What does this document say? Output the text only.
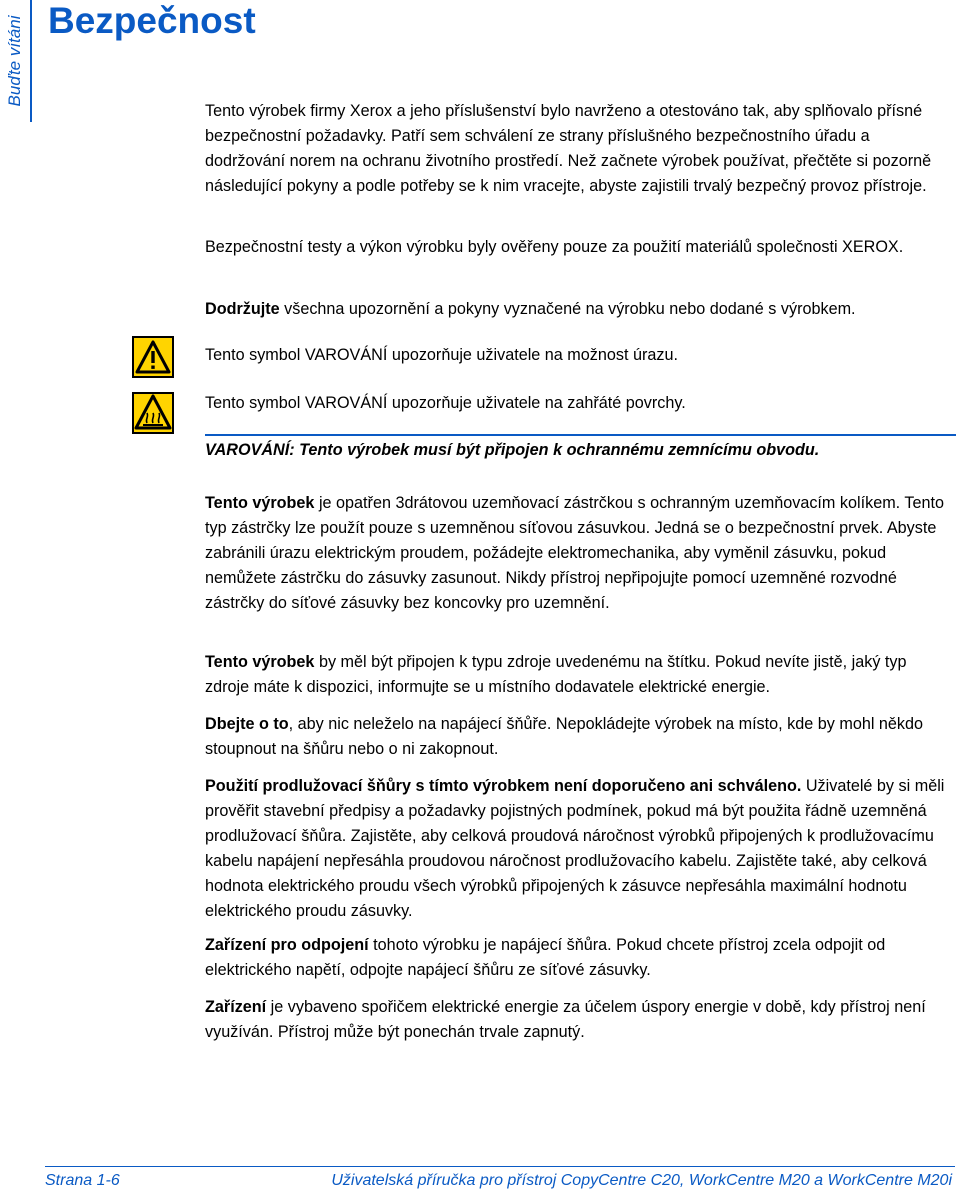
Buďte vítáni Bezpečnost

Tento výrobek firmy Xerox a jeho příslušenství bylo navrženo a otestováno tak, aby splňovalo přísné bezpečnostní požadavky. Patří sem schválení ze strany příslušného bezpečnostního úřadu a dodržování norem na ochranu životního prostředí. Než začnete výrobek používat, přečtěte si pozorně následující pokyny a podle potřeby se k nim vracejte, abyste zajistili trvalý bezpečný provoz přístroje.

Bezpečnostní testy a výkon výrobku byly ověřeny pouze za použití materiálů společnosti XEROX.

Dodržujte všechna upozornění a pokyny vyznačené na výrobku nebo dodané s výrobkem.

Tento symbol VAROVÁNÍ upozorňuje uživatele na možnost úrazu.

Tento symbol VAROVÁNÍ upozorňuje uživatele na zahřáté povrchy.

VAROVÁNÍ: Tento výrobek musí být připojen k ochrannému zemnícímu obvodu.

Tento výrobek je opatřen 3drátovou uzemňovací zástrčkou s ochranným uzemňovacím kolíkem. Tento typ zástrčky lze použít pouze s uzemněnou síťovou zásuvkou. Jedná se o bezpečnostní prvek. Abyste zabránili úrazu elektrickým proudem, požádejte elektromechanika, aby vyměnil zásuvku, pokud nemůžete zástrčku do zásuvky zasunout. Nikdy přístroj nepřipojujte pomocí uzemněné rozvodné zástrčky do síťové zásuvky bez koncovky pro uzemnění.

Tento výrobek by měl být připojen k typu zdroje uvedenému na štítku. Pokud nevíte jistě, jaký typ zdroje máte k dispozici, informujte se u místního dodavatele elektrické energie.

Dbejte o to, aby nic neleželo na napájecí šňůře. Nepokládejte výrobek na místo, kde by mohl někdo stoupnout na šňůru nebo o ni zakopnout.

Použití prodlužovací šňůry s tímto výrobkem není doporučeno ani schváleno. Uživatelé by si měli prověřit stavební předpisy a požadavky pojistných podmínek, pokud má být použita řádně uzemněná prodlužovací šňůra. Zajistěte, aby celková proudová náročnost výrobků připojených k prodlužovacímu kabelu napájení nepřesáhla proudovou náročnost prodlužovacího kabelu. Zajistěte také, aby celková hodnota elektrického proudu všech výrobků připojených k zásuvce nepřesáhla maximální hodnotu elektrického proudu zásuvky.

Zařízení pro odpojení tohoto výrobku je napájecí šňůra. Pokud chcete přístroj zcela odpojit od elektrického napětí, odpojte napájecí šňůru ze síťové zásuvky.

Zařízení je vybaveno spořičem elektrické energie za účelem úspory energie v době, kdy přístroj není využíván. Přístroj může být ponechán trvale zapnutý.

Strana 1-6	Uživatelská příručka pro přístroj CopyCentre C20, WorkCentre M20 a WorkCentre M20i
